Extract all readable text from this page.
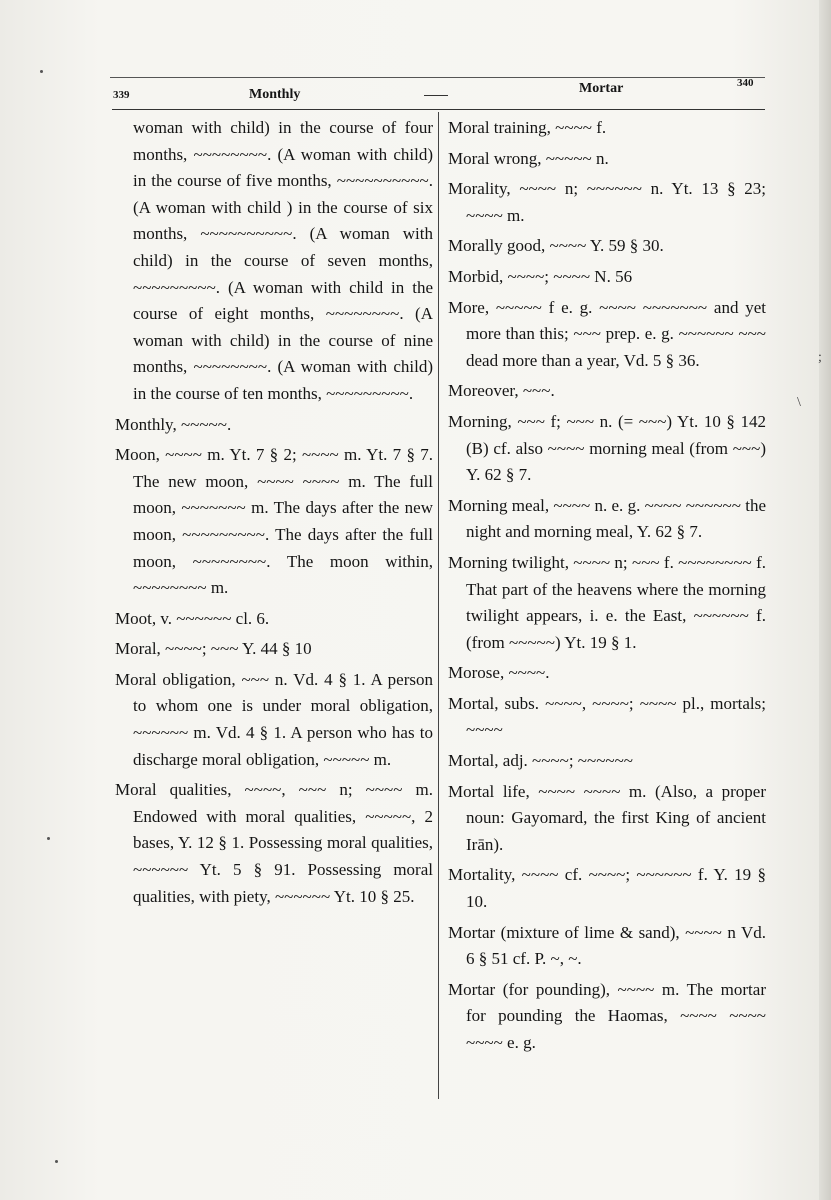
339	Monthly	Mortar	340
woman with child) in the course of four months, ~~~~~~~~. (A woman with child) in the course of five months, ~~~~~~~~~~. (A woman with child ) in the course of six months, ~~~~~~~~~~. (A woman with child) in the course of seven months, ~~~~~~~~~. (A woman with child in the course of eight months, ~~~~~~~~. (A woman with child) in the course of nine months, ~~~~~~~~. (A woman with child) in the course of ten months, ~~~~~~~~~.
Monthly, ~~~~~.
Moon, ~~~~ m. Yt. 7 § 2; ~~~~ m. Yt. 7 § 7. The new moon, ~~~~ ~~~~ m. The full moon, ~~~~~~~ m. The days after the new moon, ~~~~~~~~~. The days after the full moon, ~~~~~~~~. The moon within, ~~~~~~~~ m.
Moot, v. ~~~~~~ cl. 6.
Moral, ~~~~; ~~~ Y. 44 § 10
Moral obligation, ~~~ n. Vd. 4 § 1. A person to whom one is under moral obligation, ~~~~~~ m. Vd. 4 § 1. A person who has to discharge moral obligation, ~~~~~ m.
Moral qualities, ~~~~, ~~~ n; ~~~~ m. Endowed with moral qualities, ~~~~~, 2 bases, Y. 12 § 1. Possessing moral qualities, ~~~~~~ Yt. 5 § 91. Possessing moral qualities, with piety, ~~~~~~ Yt. 10 § 25.
Moral training, ~~~~ f.
Moral wrong, ~~~~~ n.
Morality, ~~~~ n; ~~~~~~ n. Yt. 13 § 23; ~~~~ m.
Morally good, ~~~~ Y. 59 § 30.
Morbid, ~~~~; ~~~~ N. 56
More, ~~~~~ f e. g. ~~~~ ~~~~~~~ and yet more than this; ~~~ prep. e. g. ~~~~~~ ~~~ dead more than a year, Vd. 5 § 36.
Moreover, ~~~.
Morning, ~~~ f; ~~~ n. (= ~~~) Yt. 10 § 142 (B) cf. also ~~~~ morning meal (from ~~~) Y. 62 § 7.
Morning meal, ~~~~ n. e. g. ~~~~ ~~~~~~ the night and morning meal, Y. 62 § 7.
Morning twilight, ~~~~ n; ~~~ f. ~~~~~~~~ f. That part of the heavens where the morning twilight appears, i. e. the East, ~~~~~~ f. (from ~~~~~) Yt. 19 § 1.
Morose, ~~~~.
Mortal, subs. ~~~~, ~~~~; ~~~~ pl., mortals; ~~~~
Mortal, adj. ~~~~; ~~~~~~
Mortal life, ~~~~ ~~~~ m. (Also, a proper noun: Gayomard, the first King of ancient Irān).
Mortality, ~~~~ cf. ~~~~; ~~~~~~ f. Y. 19 § 10.
Mortar (mixture of lime & sand), ~~~~ n Vd. 6 § 51 cf. P. ~, ~.
Mortar (for pounding), ~~~~ m. The mortar for pounding the Haomas, ~~~~ ~~~~ ~~~~ e. g.
\
;
